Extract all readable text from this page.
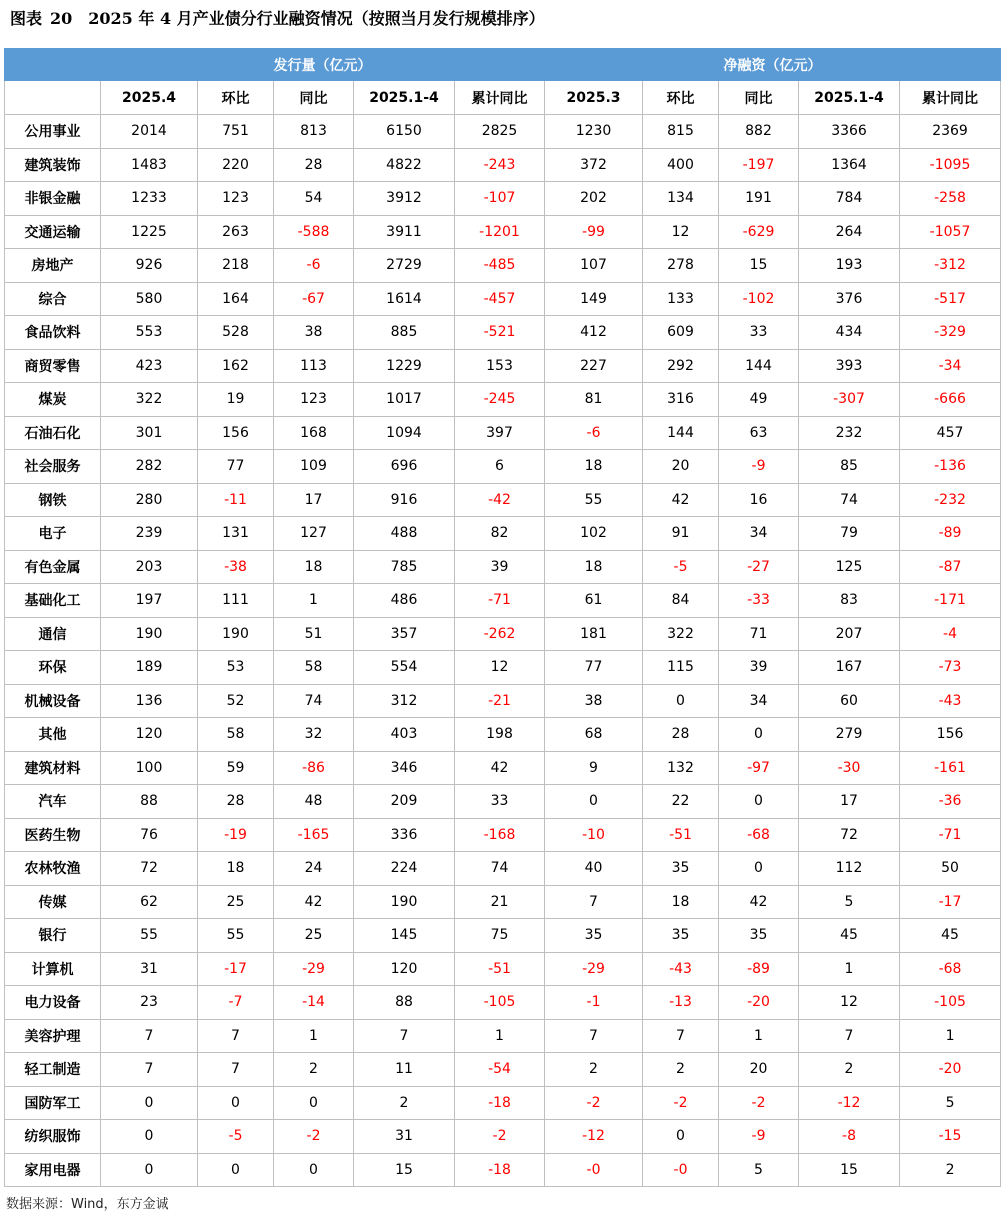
图表 20 2025 年 4 月产业债分行业融资情况（按照当月发行规模排序）
	发行量（亿元）					净融资（亿元）				
	2025.4	环比	同比	2025.1-4	累计同比	2025.3	环比	同比	2025.1-4	累计同比
公用事业	2014	751	813	6150	2825	1230	815	882	3366	2369
建筑装饰	1483	220	28	4822	-243	372	400	-197	1364	-1095
非银金融	1233	123	54	3912	-107	202	134	191	784	-258
交通运输	1225	263	-588	3911	-1201	-99	12	-629	264	-1057
房地产	926	218	-6	2729	-485	107	278	15	193	-312
综合	580	164	-67	1614	-457	149	133	-102	376	-517
食品饮料	553	528	38	885	-521	412	609	33	434	-329
商贸零售	423	162	113	1229	153	227	292	144	393	-34
煤炭	322	19	123	1017	-245	81	316	49	-307	-666
石油石化	301	156	168	1094	397	-6	144	63	232	457
社会服务	282	77	109	696	6	18	20	-9	85	-136
钢铁	280	-11	17	916	-42	55	42	16	74	-232
电子	239	131	127	488	82	102	91	34	79	-89
有色金属	203	-38	18	785	39	18	-5	-27	125	-87
基础化工	197	111	1	486	-71	61	84	-33	83	-171
通信	190	190	51	357	-262	181	322	71	207	-4
环保	189	53	58	554	12	77	115	39	167	-73
机械设备	136	52	74	312	-21	38	0	34	60	-43
其他	120	58	32	403	198	68	28	0	279	156
建筑材料	100	59	-86	346	42	9	132	-97	-30	-161
汽车	88	28	48	209	33	0	22	0	17	-36
医药生物	76	-19	-165	336	-168	-10	-51	-68	72	-71
农林牧渔	72	18	24	224	74	40	35	0	112	50
传媒	62	25	42	190	21	7	18	42	5	-17
银行	55	55	25	145	75	35	35	35	45	45
计算机	31	-17	-29	120	-51	-29	-43	-89	1	-68
电力设备	23	-7	-14	88	-105	-1	-13	-20	12	-105
美容护理	7	7	1	7	1	7	7	1	7	1
轻工制造	7	7	2	11	-54	2	2	20	2	-20
国防军工	0	0	0	2	-18	-2	-2	-2	-12	5
纺织服饰	0	-5	-2	31	-2	-12	0	-9	-8	-15
家用电器	0	0	0	15	-18	-0	-0	5	15	2
数据来源：Wind，东方金诚
